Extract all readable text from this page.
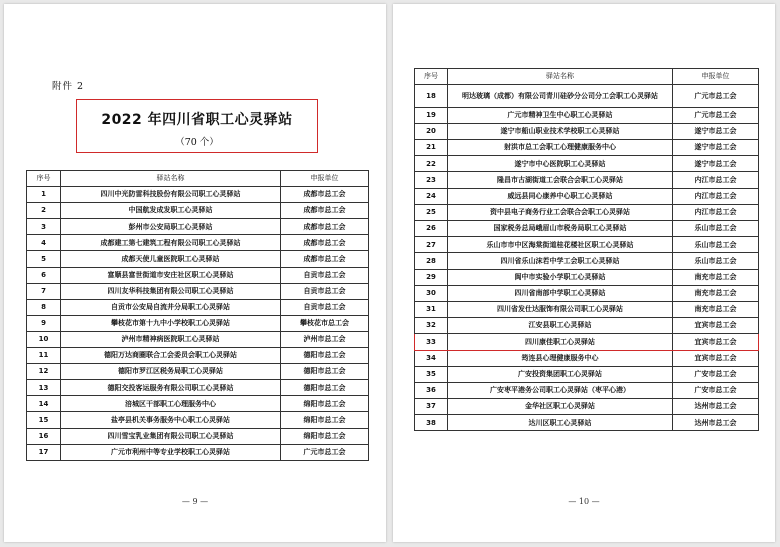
附件 2
2022 年四川省职工心灵驿站
（70 个）
序号	驿站名称	申报单位
1	四川中光防雷科技股份有限公司职工心灵驿站	成都市总工会
2	中国航发成发职工心灵驿站	成都市总工会
3	彭州市公安局职工心灵驿站	成都市总工会
4	成都建工第七建筑工程有限公司职工心灵驿站	成都市总工会
5	成都天使儿童医院职工心灵驿站	成都市总工会
6	富顺县富世街道市安庄社区职工心灵驿站	自贡市总工会
7	四川友华科技集团有限公司职工心灵驿站	自贡市总工会
8	自贡市公安局自流井分局职工心灵驿站	自贡市总工会
9	攀枝花市第十九中小学校职工心灵驿站	攀枝花市总工会
10	泸州市精神病医院职工心灵驿站	泸州市总工会
11	德阳万达商圈联合工会委员会职工心灵驿站	德阳市总工会
12	德阳市罗江区税务局职工心灵驿站	德阳市总工会
13	德阳交投客运服务有限公司职工心灵驿站	德阳市总工会
14	涪城区干部职工心理服务中心	绵阳市总工会
15	盐亭县机关事务服务中心职工心灵驿站	绵阳市总工会
16	四川雪宝乳业集团有限公司职工心灵驿站	绵阳市总工会
17	广元市利州中等专业学校职工心灵驿站	广元市总工会
— 9 —
序号	驿站名称	申报单位
18	明达玻璃（成都）有限公司青川硅砂分公司分工会职工心灵驿站	广元市总工会
19	广元市精神卫生中心职工心灵驿站	广元市总工会
20	遂宁市船山职业技术学校职工心灵驿站	遂宁市总工会
21	射洪市总工会职工心理健康服务中心	遂宁市总工会
22	遂宁市中心医院职工心灵驿站	遂宁市总工会
23	隆昌市古湖街道工会联合会职工心灵驿站	内江市总工会
24	威远县同心康养中心职工心灵驿站	内江市总工会
25	资中县电子商务行业工会联合会职工心灵驿站	内江市总工会
26	国家税务总局峨眉山市税务局职工心灵驿站	乐山市总工会
27	乐山市市中区海棠街道桂花楼社区职工心灵驿站	乐山市总工会
28	四川省乐山沫若中学工会职工心灵驿站	乐山市总工会
29	阆中市实验小学职工心灵驿站	南充市总工会
30	四川省南部中学职工心灵驿站	南充市总工会
31	四川省发仕达服饰有限公司职工心灵驿站	南充市总工会
32	江安县职工心灵驿站	宜宾市总工会
33	四川康佳职工心灵驿站	宜宾市总工会
34	筠连县心理健康服务中心	宜宾市总工会
35	广安投资集团职工心灵驿站	广安市总工会
36	广安枣平港务公司职工心灵驿站（枣平心港）	广安市总工会
37	金华社区职工心灵驿站	达州市总工会
38	达川区职工心灵驿站	达州市总工会
— 10 —
